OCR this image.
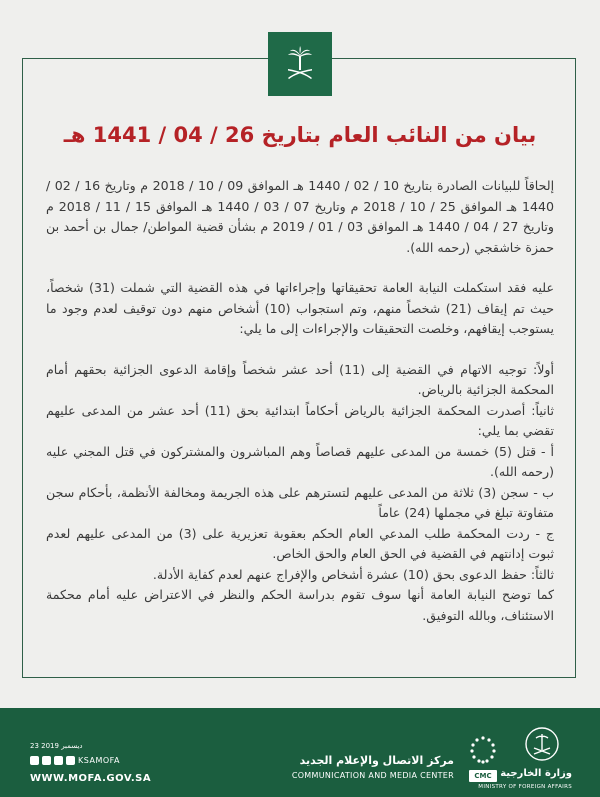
بيان من النائب العام بتاريخ 26 / 04 / 1441 هـ

إلحاقاً للبيانات الصادرة بتاريخ 10 / 02 / 1440 هـ الموافق 09 / 10 / 2018 م وتاريخ 16 / 02 / 1440 هـ الموافق 25 / 10 / 2018 م وتاريخ 07 / 03 / 1440 هـ الموافق 15 / 11 / 2018 م وتاريخ 27 / 04 / 1440 هـ الموافق 03 / 01 / 2019 م بشأن قضية المواطن/ جمال بن أحمد بن حمزة خاشقجي (رحمه الله).

عليه فقد استكملت النيابة العامة تحقيقاتها وإجراءاتها في هذه القضية التي شملت (31) شخصاً، حيث تم إيقاف (21) شخصاً منهم، وتم استجواب (10) أشخاص منهم دون توقيف لعدم وجود ما يستوجب إيقافهم، وخلصت التحقيقات والإجراءات إلى ما يلي:

أولاً: توجيه الاتهام في القضية إلى (11) أحد عشر شخصاً وإقامة الدعوى الجزائية بحقهم أمام المحكمة الجزائية بالرياض.

ثانياً: أصدرت المحكمة الجزائية بالرياض أحكاماً ابتدائية بحق (11) أحد عشر من المدعى عليهم تقضي بما يلي:

أ - قتل (5) خمسة من المدعى عليهم قصاصاً وهم المباشرون والمشتركون في قتل المجني عليه (رحمه الله).

ب - سجن (3) ثلاثة من المدعى عليهم لتسترهم على هذه الجريمة ومخالفة الأنظمة، بأحكام سجن متفاوتة تبلغ في مجملها (24) عاماً

ج - ردت المحكمة طلب المدعي العام الحكم بعقوبة تعزيرية على (3) من المدعى عليهم لعدم ثبوت إدانتهم في القضية في الحق العام والحق الخاص.

ثالثاً: حفظ الدعوى بحق (10) عشرة أشخاص والإفراج عنهم لعدم كفاية الأدلة.

كما توضح النيابة العامة أنها سوف تقوم بدراسة الحكم والنظر في الاعتراض عليه أمام محكمة الاستئناف، وبالله التوفيق.

23 ديسمبر 2019
KSAMOFA
WWW.MOFA.GOV.SA
مركز الاتصال والإعلام الجديد
COMMUNICATION AND MEDIA CENTER	CMC وزارة الخارجية
MINISTRY OF FOREIGN AFFAIRS
